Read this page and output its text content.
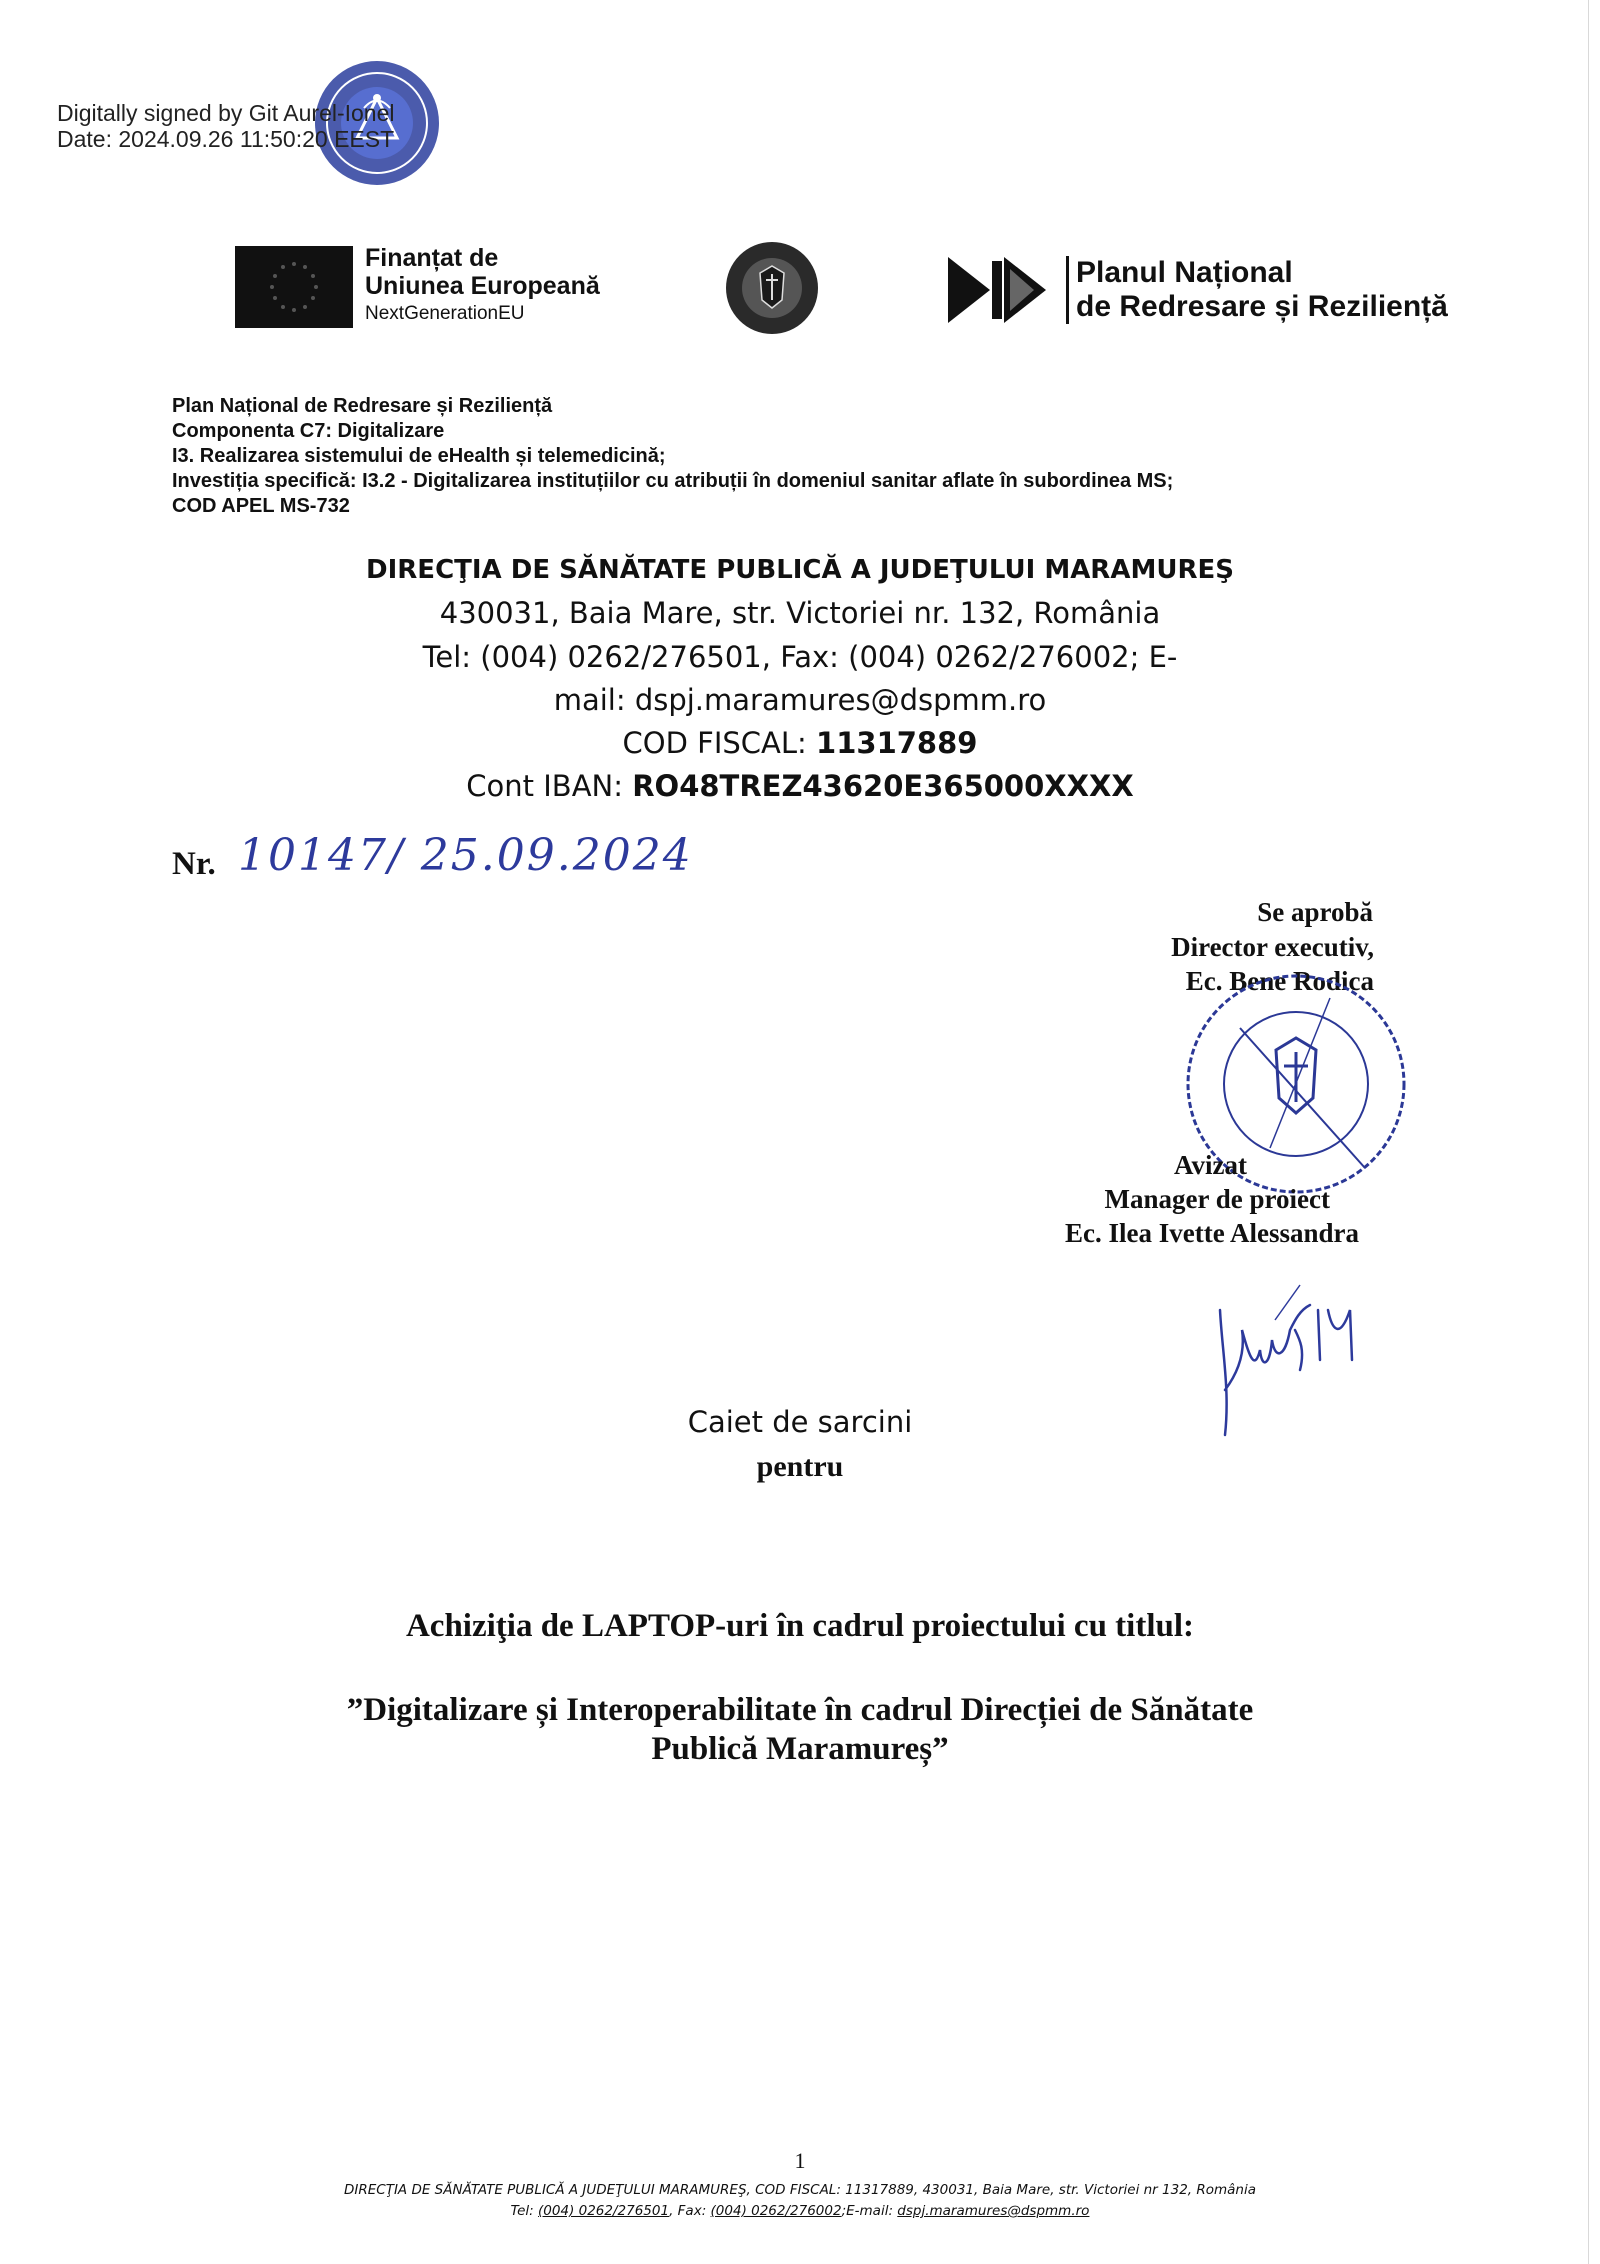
Digitally signed by Git Aurel-Ionel
Date: 2024.09.26 11:50:20 EEST
Finanțat de
Uniunea Europeană
NextGenerationEU
Planul Național
de Redresare și Reziliență
Plan Național de Redresare și Reziliență
Componenta C7: Digitalizare
I3. Realizarea sistemului de eHealth și telemedicină;
Investiția specifică: I3.2 - Digitalizarea instituțiilor cu atribuții în domeniul sanitar aflate în subordinea MS;
COD APEL MS-732
DIRECŢIA DE SĂNĂTATE PUBLICĂ A JUDEŢULUI MARAMUREŞ
430031, Baia Mare, str. Victoriei nr. 132, România
Tel: (004) 0262/276501, Fax: (004) 0262/276002; E-
mail: dspj.maramures@dspmm.ro
COD FISCAL: 11317889
Cont IBAN: RO48TREZ43620E365000XXXX
Nr. 10147/ 25.09.2024
Se aprobă
Director executiv,
Ec. Bene Rodica
Avizat
Manager de proiect
Ec. Ilea Ivette Alessandra
Caiet de sarcini
pentru
Achiziţia de LAPTOP-uri în cadrul proiectului cu titlul:
”Digitalizare și Interoperabilitate în cadrul Direcției de Sănătate
Publică Maramureș”
1
DIRECŢIA DE SĂNĂTATE PUBLICĂ A JUDEŢULUI MARAMUREŞ, COD FISCAL: 11317889, 430031, Baia Mare, str. Victoriei nr 132, România
Tel: (004) 0262/276501, Fax: (004) 0262/276002;E-mail: dspj.maramures@dspmm.ro
